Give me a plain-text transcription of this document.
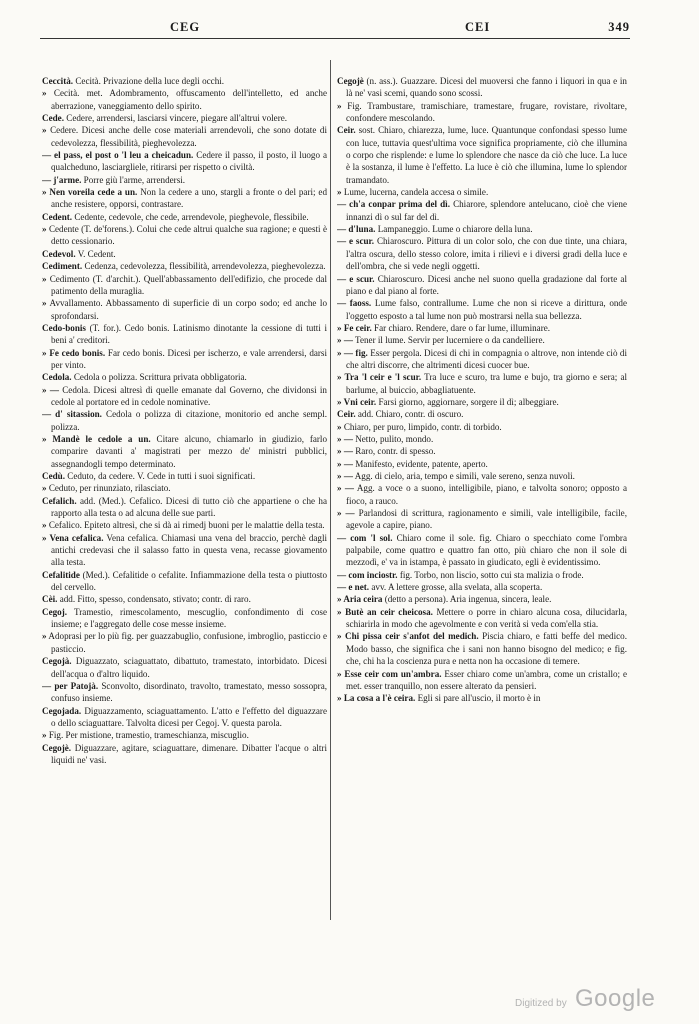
CEG	CEI	349
Ceccità. Cecità. Privazione della luce degli occhi.
» Cecità. met. Adombramento, offuscamento dell'intelletto, ed anche aberrazione, vaneggiamento dello spirito.
Cede. Cedere, arrendersi, lasciarsi vincere, piegare all'altrui volere.
» Cedere. Dicesi anche delle cose materiali arrendevoli, che sono dotate di cedevolezza, flessibilità, pieghevolezza.
— el pass, el post o 'l leu a cheicadun. Cedere il passo, il posto, il luogo a qualcheduno, lasciargliele, ritirarsi per rispetto o civiltà.
— j'arme. Porre giù l'arme, arrendersi.
» Nen voreila cede a un. Non la cedere a uno, stargli a fronte o del pari; ed anche resistere, opporsi, contrastare.
Cedent. Cedente, cedevole, che cede, arrendevole, pieghevole, flessibile.
» Cedente (T. de'forens.). Colui che cede altrui qualche sua ragione; e questi è detto cessionario.
Cedevol. V. Cedent.
Cediment. Cedenza, cedevolezza, flessibilità, arrendevolezza, pieghevolezza.
» Cedimento (T. d'archit.). Quell'abbassamento dell'edifizio, che procede dal patimento della muraglia.
» Avvallamento. Abbassamento di superficie di un corpo sodo; ed anche lo sprofondarsi.
Cedo-bonis (T. for.). Cedo bonis. Latinismo dinotante la cessione di tutti i beni a' creditori.
» Fe cedo bonis. Far cedo bonis. Dicesi per ischerzo, e vale arrendersi, darsi per vinto.
Cedola. Cedola o polizza. Scrittura privata obbligatoria.
» — Cedola. Dicesi altresì di quelle emanate dal Governo, che dividonsi in cedole al portatore ed in cedole nominative.
— d' sitassion. Cedola o polizza di citazione, monitorio ed anche sempl. polizza.
» Mandè le cedole a un. Citare alcuno, chiamarlo in giudizio, farlo comparire davanti a' magistrati per mezzo de' ministri pubblici, assegnandogli tempo determinato.
Cedù. Ceduto, da cedere. V. Cede in tutti i suoi significati.
» Ceduto, per rinunziato, rilasciato.
Cefalich. add. (Med.). Cefalico. Dicesi di tutto ciò che appartiene o che ha rapporto alla testa o ad alcuna delle sue parti.
» Cefalico. Epiteto altresì, che si dà ai rimedj buoni per le malattie della testa.
» Vena cefalica. Vena cefalica. Chiamasi una vena del braccio, perchè dagli antichi credevasi che il salasso fatto in questa vena, recasse giovamento alla testa.
Cefalitide (Med.). Cefalitide o cefalite. Infiammazione della testa o piuttosto del cervello.
Cèi. add. Fitto, spesso, condensato, stivato; contr. di raro.
Cegoj. Tramestio, rimescolamento, mescuglio, confondimento di cose insieme; e l'aggregato delle cose messe insieme.
» Adoprasi per lo più fig. per guazzabuglio, confusione, imbroglio, pasticcio e pasticcio.
Cegojà. Diguazzato, sciaguattato, dibattuto, tramestato, intorbidato. Dicesi dell'acqua o d'altro liquido.
— per Patojà. Sconvolto, disordinato, travolto, tramestato, messo sossopra, confuso insieme.
Cegojada. Diguazzamento, sciaguattamento. L'atto e l'effetto del diguazzare o dello sciaguattare. Talvolta dicesi per Cegoj. V. questa parola.
» Fig. Per mistione, tramestio, trameschianza, miscuglio.
Cegojè. Diguazzare, agitare, sciaguattare, dimenare. Dibatter l'acque o altri liquidi ne' vasi.
Cegojè (n. ass.). Guazzare. Dicesi del muoversi che fanno i liquori in qua e in là ne' vasi scemi, quando sono scossi.
» Fig. Trambustare, tramischiare, tramestare, frugare, rovistare, rivoltare, confondere mescolando.
Ceir. sost. Chiaro, chiarezza, lume, luce. Quantunque confondasi spesso lume con luce, tuttavia quest'ultima voce significa propriamente, ciò che illumina o corpo che risplende: e lume lo splendore che nasce da ciò che luce. La luce è la sostanza, il lume è l'effetto. La luce è ciò che illumina, lume lo splendor tramandato.
» Lume, lucerna, candela accesa o simile.
— ch'a conpar prima del dì. Chiarore, splendore antelucano, cioè che viene innanzi dì o sul far del dì.
— d'luna. Lampaneggio. Lume o chiarore della luna.
— e scur. Chiaroscuro. Pittura di un color solo, che con due tinte, una chiara, l'altra oscura, dello stesso colore, imita i rilievi e i diversi gradi della luce e dell'ombra, che si vede negli oggetti.
— e scur. Chiaroscuro. Dicesi anche nel suono quella gradazione dal forte al piano e dal piano al forte.
— faoss. Lume falso, contrallume. Lume che non si riceve a dirittura, onde l'oggetto esposto a tal lume non può mostrarsi nella sua bellezza.
» Fe ceir. Far chiaro. Rendere, dare o far lume, illuminare.
» — Tener il lume. Servir per lucerniere o da candelliere.
» — fig. Esser pergola. Dicesi di chi in compagnia o altrove, non intende ciò di che altri discorre, che altrimenti dicesi cuocer bue.
» Tra 'l ceir e 'l scur. Tra luce e scuro, tra lume e bujo, tra giorno e sera; al barlume, al buiccio, abbagliatuente.
» Vni ceir. Farsi giorno, aggiornare, sorgere il dì; albeggiare.
Ceir. add. Chiaro, contr. di oscuro.
» Chiaro, per puro, limpido, contr. di torbido.
» — Netto, pulito, mondo.
» — Raro, contr. di spesso.
» — Manifesto, evidente, patente, aperto.
» — Agg. di cielo, aria, tempo e simili, vale sereno, senza nuvoli.
» — Agg. a voce o a suono, intelligibile, piano, e talvolta sonoro; opposto a fioco, a rauco.
» — Parlandosi di scrittura, ragionamento e simili, vale intelligibile, facile, agevole a capire, piano.
— com 'l sol. Chiaro come il sole. fig. Chiaro o specchiato come l'ombra palpabile, come quattro e quattro fan otto, più chiaro che non il sole di mezzodì, e' va in istampa, è passato in giudicato, egli è evidentissimo.
— com inciostr. fig. Torbo, non liscio, sotto cui sta malizia o frode.
— e net. avv. A lettere grosse, alla svelata, alla scoperta.
» Aria ceira (detto a persona). Aria ingenua, sincera, leale.
» Butè an ceir cheicosa. Mettere o porre in chiaro alcuna cosa, dilucidarla, schiarirla in modo che agevolmente e con verità si veda com'ella stia.
» Chi pissa ceir s'anfot del medich. Piscia chiaro, e fatti beffe del medico. Modo basso, che significa che i sani non hanno bisogno del medico; e fig. che, chi ha la coscienza pura e netta non ha occasione di temere.
» Esse ceir com un'ambra. Esser chiaro come un'ambra, come un cristallo; e met. esser tranquillo, non essere alterato da pensieri.
» La cosa a l'è ceira. Egli si pare all'uscio, il morto è in
Digitized by Google
